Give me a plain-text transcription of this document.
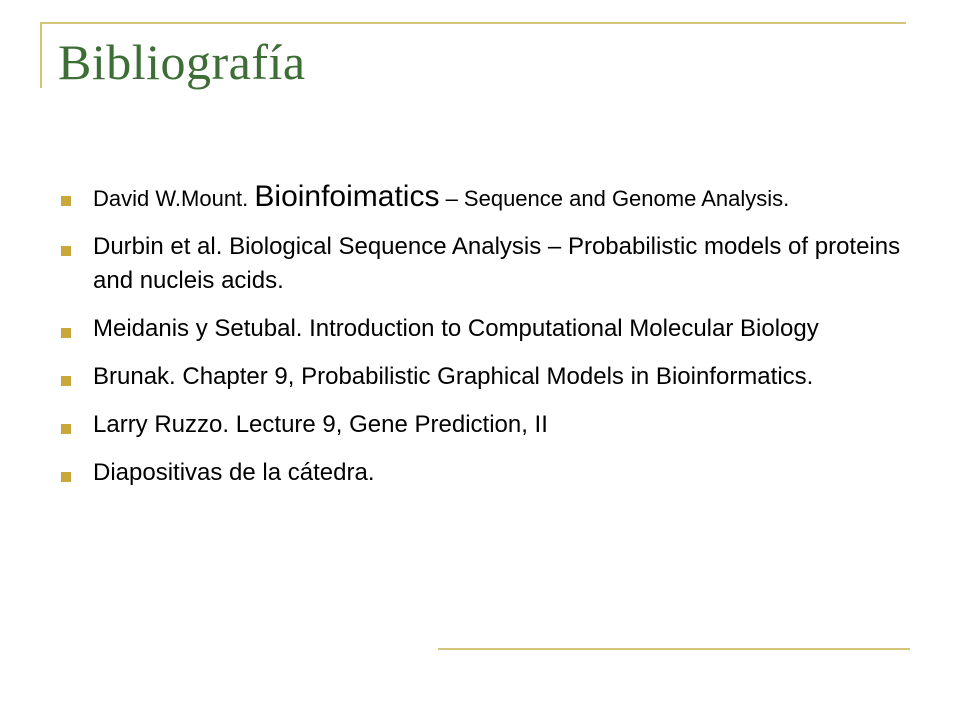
Bibliografía
David W.Mount. Bioinfoimatics – Sequence and Genome Analysis.
Durbin et al. Biological Sequence Analysis – Probabilistic models of proteins and nucleis acids.
Meidanis y Setubal. Introduction to Computational Molecular Biology
Brunak. Chapter 9, Probabilistic Graphical Models in Bioinformatics.
Larry Ruzzo. Lecture 9, Gene Prediction, II
Diapositivas de la cátedra.
